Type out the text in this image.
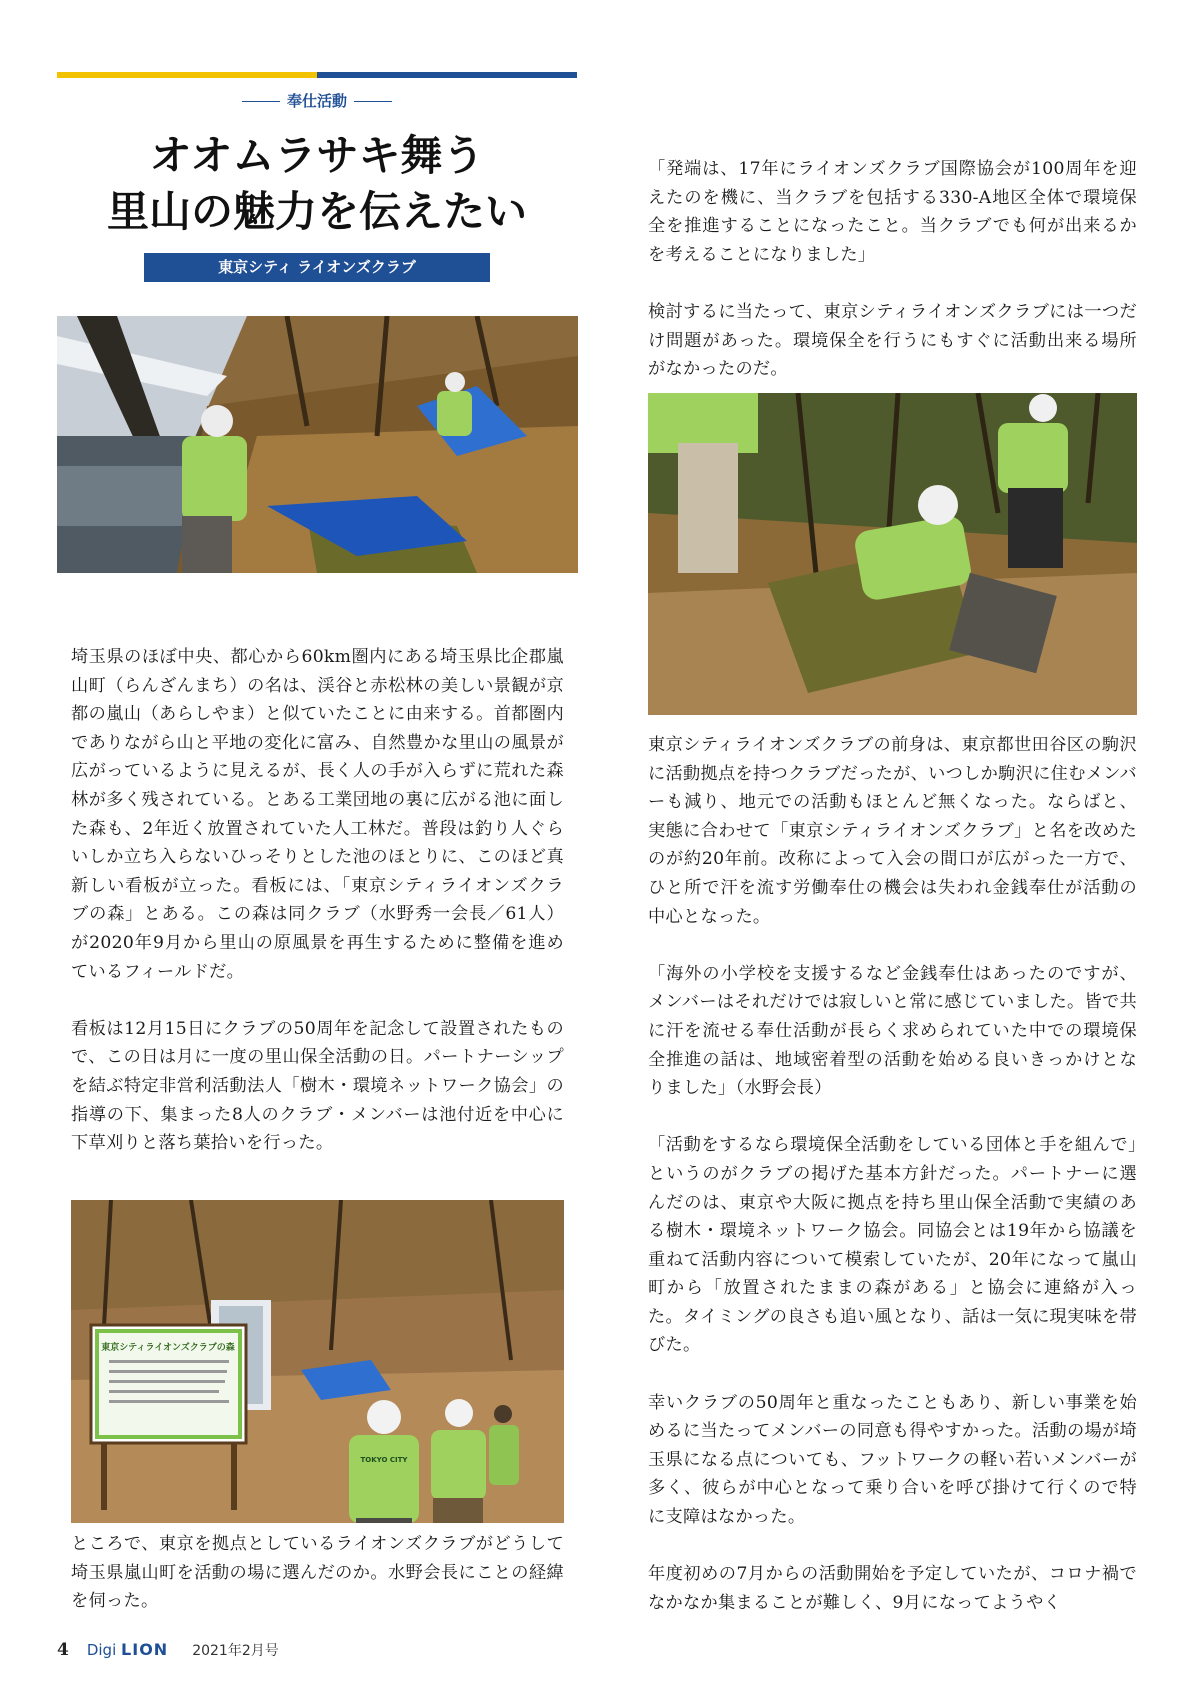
奉仕活動
オオムラサキ舞う
里山の魅力を伝えたい
東京シティ ライオンズクラブ

埼玉県のほぼ中央、都心から60km圏内にある埼玉県比企郡嵐山町（らんざんまち）の名は、渓谷と赤松林の美しい景観が京都の嵐山（あらしやま）と似ていたことに由来する。首都圏内でありながら山と平地の変化に富み、自然豊かな里山の風景が広がっているように見えるが、長く人の手が入らずに荒れた森林が多く残されている。とある工業団地の裏に広がる池に面した森も、2年近く放置されていた人工林だ。普段は釣り人ぐらいしか立ち入らないひっそりとした池のほとりに、このほど真新しい看板が立った。看板には、「東京シティライオンズクラブの森」とある。この森は同クラブ（水野秀一会長／61人）が2020年9月から里山の原風景を再生するために整備を進めているフィールドだ。

看板は12月15日にクラブの50周年を記念して設置されたもので、この日は月に一度の里山保全活動の日。パートナーシップを結ぶ特定非営利活動法人「樹木・環境ネットワーク協会」の指導の下、集まった8人のクラブ・メンバーは池付近を中心に下草刈りと落ち葉拾いを行った。

東京シティライオンズクラブの森
TOKYO CITY

ところで、東京を拠点としているライオンズクラブがどうして埼玉県嵐山町を活動の場に選んだのか。水野会長にことの経緯を伺った。

「発端は、17年にライオンズクラブ国際協会が100周年を迎えたのを機に、当クラブを包括する330-A地区全体で環境保全を推進することになったこと。当クラブでも何が出来るかを考えることになりました」

検討するに当たって、東京シティライオンズクラブには一つだけ問題があった。環境保全を行うにもすぐに活動出来る場所がなかったのだ。

東京シティライオンズクラブの前身は、東京都世田谷区の駒沢に活動拠点を持つクラブだったが、いつしか駒沢に住むメンバーも減り、地元での活動もほとんど無くなった。ならばと、実態に合わせて「東京シティライオンズクラブ」と名を改めたのが約20年前。改称によって入会の間口が広がった一方で、ひと所で汗を流す労働奉仕の機会は失われ金銭奉仕が活動の中心となった。

「海外の小学校を支援するなど金銭奉仕はあったのですが、メンバーはそれだけでは寂しいと常に感じていました。皆で共に汗を流せる奉仕活動が長らく求められていた中での環境保全推進の話は、地域密着型の活動を始める良いきっかけとなりました」（水野会長）

「活動をするなら環境保全活動をしている団体と手を組んで」というのがクラブの掲げた基本方針だった。パートナーに選んだのは、東京や大阪に拠点を持ち里山保全活動で実績のある樹木・環境ネットワーク協会。同協会とは19年から協議を重ねて活動内容について模索していたが、20年になって嵐山町から「放置されたままの森がある」と協会に連絡が入った。タイミングの良さも追い風となり、話は一気に現実味を帯びた。

幸いクラブの50周年と重なったこともあり、新しい事業を始めるに当たってメンバーの同意も得やすかった。活動の場が埼玉県になる点についても、フットワークの軽い若いメンバーが多く、彼らが中心となって乗り合いを呼び掛けて行くので特に支障はなかった。

年度初めの7月からの活動開始を予定していたが、コロナ禍でなかなか集まることが難しく、9月になってようやく

4 Digi LION 2021年2月号
